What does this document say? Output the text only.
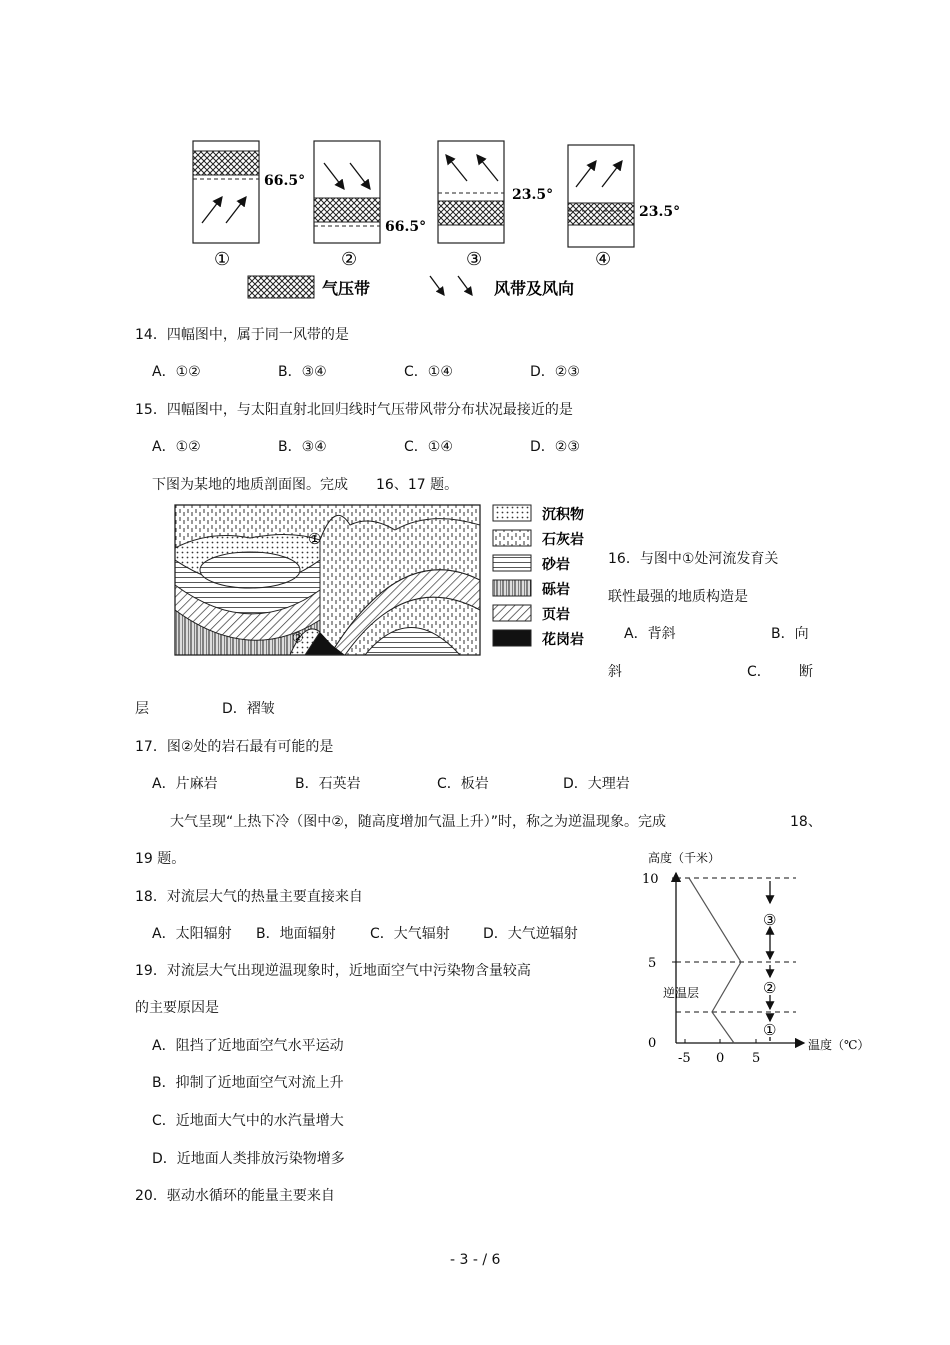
66.5°
①
66.5°
②
23.5°
③
23.5°
④
气压带	风带及风向
14．四幅图中，属于同一风带的是
A．①②	B．③④	C．①④	D．②③
15．四幅图中，与太阳直射北回归线时气压带风带分布状况最接近的是
A．①②	B．③④	C．①④	D．②③
下图为某地的地质剖面图。完成　　16、17 题。
①
②
沉积物
石灰岩
砂岩
砾岩
页岩
花岗岩
16．与图中①处河流发育关
联性最强的地质构造是
A．背斜	B．向
斜	C． 断
层	D．褶皱
17．图②处的岩石最有可能的是
A．片麻岩	B．石英岩	C．板岩	D．大理岩
大气呈现“上热下冷（图中②，随高度增加气温上升）”时，称之为逆温现象。完成	18、
19 题。	高度（千米）
温度（℃）
10
5
0
-5 0 5
逆温层
③
②
①
18．对流层大气的热量主要直接来自
A．太阳辐射 B．地面辐射 C．大气辐射 D．大气逆辐射
19．对流层大气出现逆温现象时，近地面空气中污染物含量较高
的主要原因是
A．阻挡了近地面空气水平运动
B．抑制了近地面空气对流上升
C．近地面大气中的水汽量增大
D．近地面人类排放污染物增多
20．驱动水循环的能量主要来自
- 3 - / 6
